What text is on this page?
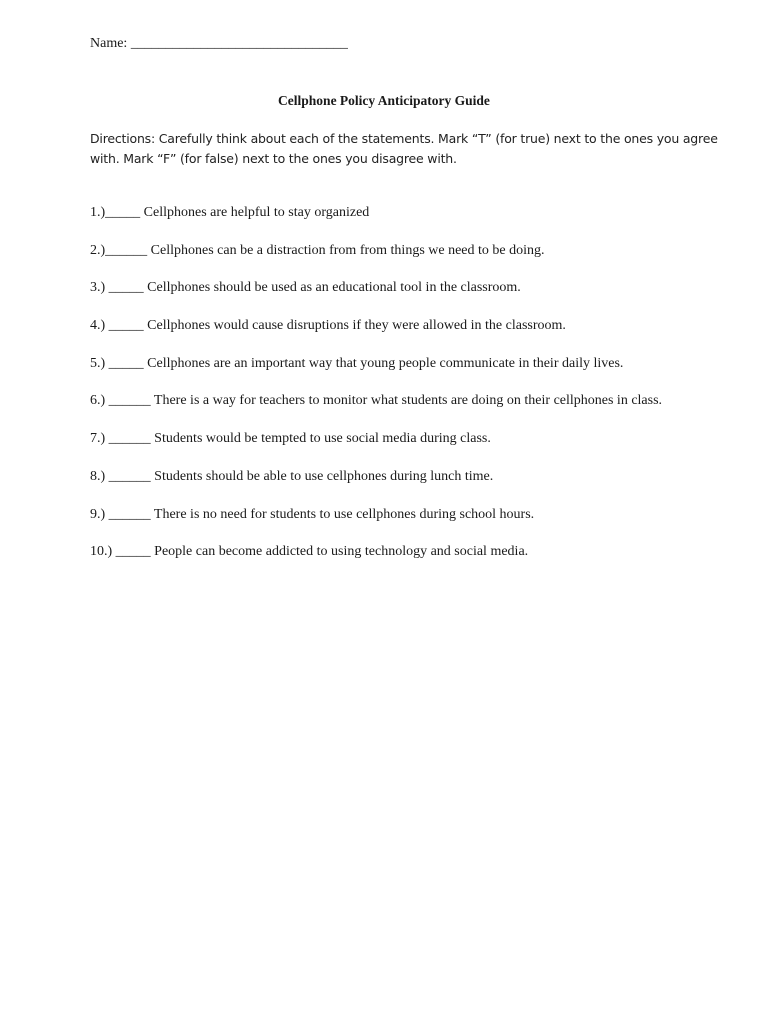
Name: _______________________________
Cellphone Policy Anticipatory Guide
Directions: Carefully think about each of the statements. Mark “T” (for true) next to the ones you agree
with. Mark “F” (for false) next to the ones you disagree with.
1.)_____ Cellphones are helpful to stay organized
2.)______ Cellphones can be a distraction from from things we need to be doing.
3.) _____ Cellphones should be used as an educational tool in the classroom.
4.) _____ Cellphones would cause disruptions if they were allowed in the classroom.
5.) _____ Cellphones are an important way that young people communicate in their daily lives.
6.) ______ There is a way for teachers to monitor what students are doing on their cellphones in class.
7.) ______ Students would be tempted to use social media during class.
8.) ______ Students should be able to use cellphones during lunch time.
9.) ______ There is no need for students to use cellphones during school hours.
10.) _____ People can become addicted to using technology and social media.
